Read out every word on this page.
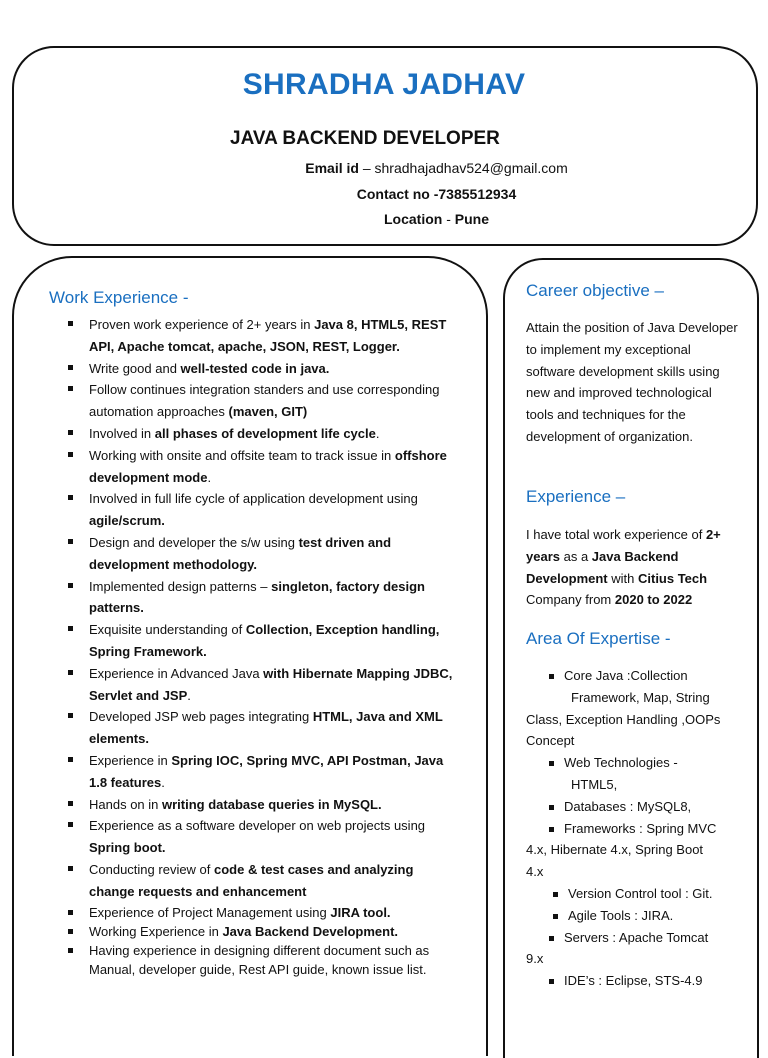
SHRADHA JADHAV
JAVA BACKEND DEVELOPER
Email id – shradhajadhav524@gmail.com
Contact no -7385512934
Location - Pune
Work Experience -
Proven work experience of 2+ years in Java 8, HTML5, REST API, Apache tomcat, apache, JSON, REST, Logger.
Write good and well-tested code in java.
Follow continues integration standers and use corresponding automation approaches (maven, GIT)
Involved in all phases of development life cycle.
Working with onsite and offsite team to track issue in offshore development mode.
Involved in full life cycle of application development using agile/scrum.
Design and developer the s/w using test driven and development methodology.
Implemented design patterns – singleton, factory design patterns.
Exquisite understanding of Collection, Exception handling, Spring Framework.
Experience in Advanced Java with Hibernate Mapping JDBC, Servlet and JSP.
Developed JSP web pages integrating HTML, Java and XML elements.
Experience in Spring IOC, Spring MVC, API Postman, Java 1.8 features.
Hands on in writing database queries in MySQL.
Experience as a software developer on web projects using Spring boot.
Conducting review of code & test cases and analyzing change requests and enhancement
Experience of Project Management using JIRA tool.
Working Experience in Java Backend Development.
Having experience in designing different document such as Manual, developer guide, Rest API guide, known issue list.
Career objective –
Attain the position of Java Developer to implement my exceptional software development skills using new and improved technological tools and techniques for the development of organization.
Experience –
I have total work experience of 2+ years as a Java Backend Development with Citius Tech Company from 2020 to 2022
Area Of Expertise -
Core Java :Collection
Framework, Map, String
Class, Exception Handling ,OOPs
Concept
Web Technologies -
HTML5,
Databases : MySQL8,
Frameworks : Spring MVC
4.x, Hibernate 4.x, Spring Boot
4.x
Version Control tool : Git.
Agile Tools : JIRA.
Servers : Apache Tomcat
9.x
IDE’s : Eclipse, STS-4.9
